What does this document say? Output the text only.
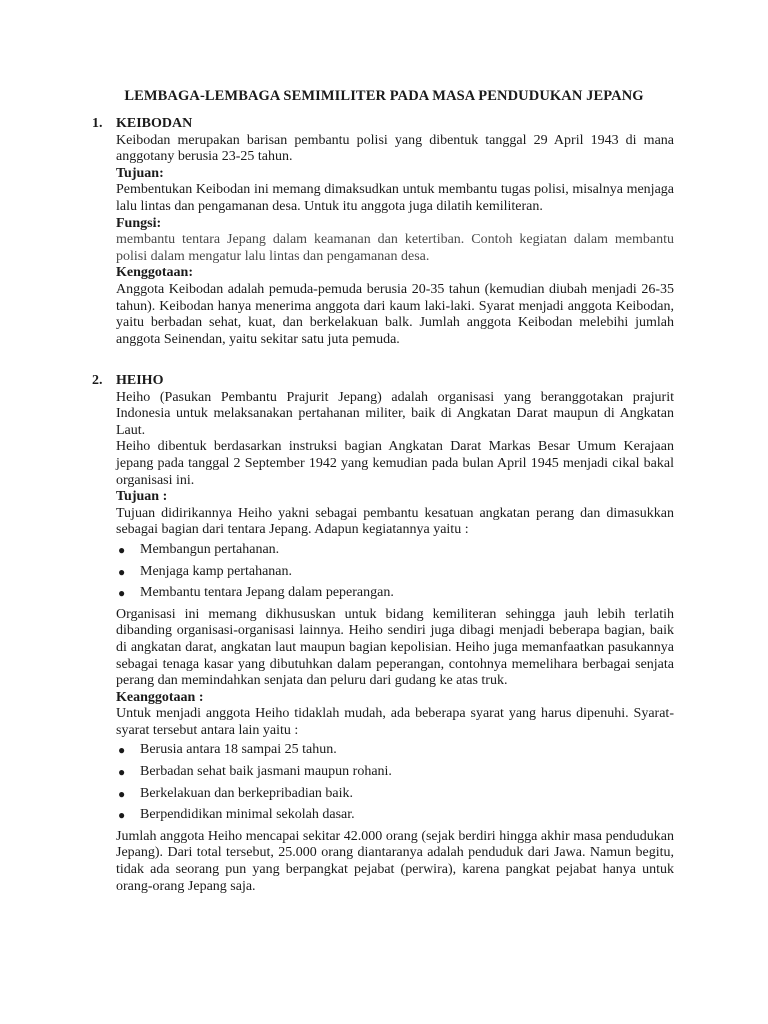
LEMBAGA-LEMBAGA SEMIMILITER PADA MASA PENDUDUKAN JEPANG
1. KEIBODAN

Keibodan merupakan barisan pembantu polisi yang dibentuk tanggal 29 April 1943 di mana anggotany berusia 23-25 tahun.

Tujuan:

Pembentukan Keibodan ini memang dimaksudkan untuk membantu tugas polisi, misalnya menjaga lalu lintas dan pengamanan desa. Untuk itu anggota juga dilatih kemiliteran.

Fungsi:

membantu tentara Jepang dalam keamanan dan ketertiban. Contoh kegiatan dalam membantu polisi dalam mengatur lalu lintas dan pengamanan desa.

Kenggotaan:

Anggota Keibodan adalah pemuda-pemuda berusia 20-35 tahun (kemudian diubah menjadi 26-35 tahun). Keibodan hanya menerima anggota dari kaum laki-laki. Syarat menjadi anggota Keibodan, yaitu berbadan sehat, kuat, dan berkelakuan balk. Jumlah anggota Keibodan melebihi jumlah anggota Seinendan, yaitu sekitar satu juta pemuda.

2. HEIHO

Heiho (Pasukan Pembantu Prajurit Jepang) adalah organisasi yang beranggotakan prajurit Indonesia untuk melaksanakan pertahanan militer, baik di Angkatan Darat maupun di Angkatan Laut.

Heiho dibentuk berdasarkan instruksi bagian Angkatan Darat Markas Besar Umum Kerajaan jepang pada tanggal 2 September 1942 yang kemudian pada bulan April 1945 menjadi cikal bakal organisasi ini.

Tujuan :

Tujuan didirikannya Heiho yakni sebagai pembantu kesatuan angkatan perang dan dimasukkan sebagai bagian dari tentara Jepang. Adapun kegiatannya yaitu :

● Membangun pertahanan.
● Menjaga kamp pertahanan.
● Membantu tentara Jepang dalam peperangan.

Organisasi ini memang dikhususkan untuk bidang kemiliteran sehingga jauh lebih terlatih dibanding organisasi-organisasi lainnya. Heiho sendiri juga dibagi menjadi beberapa bagian, baik di angkatan darat, angkatan laut maupun bagian kepolisian. Heiho juga memanfaatkan pasukannya sebagai tenaga kasar yang dibutuhkan dalam peperangan, contohnya memelihara berbagai senjata perang dan memindahkan senjata dan peluru dari gudang ke atas truk.

Keanggotaan :

Untuk menjadi anggota Heiho tidaklah mudah, ada beberapa syarat yang harus dipenuhi. Syarat-syarat tersebut antara lain yaitu :

● Berusia antara 18 sampai 25 tahun.
● Berbadan sehat baik jasmani maupun rohani.
● Berkelakuan dan berkepribadian baik.
● Berpendidikan minimal sekolah dasar.

Jumlah anggota Heiho mencapai sekitar 42.000 orang (sejak berdiri hingga akhir masa pendudukan Jepang). Dari total tersebut, 25.000 orang diantaranya adalah penduduk dari Jawa. Namun begitu, tidak ada seorang pun yang berpangkat pejabat (perwira), karena pangkat pejabat hanya untuk orang-orang Jepang saja.
